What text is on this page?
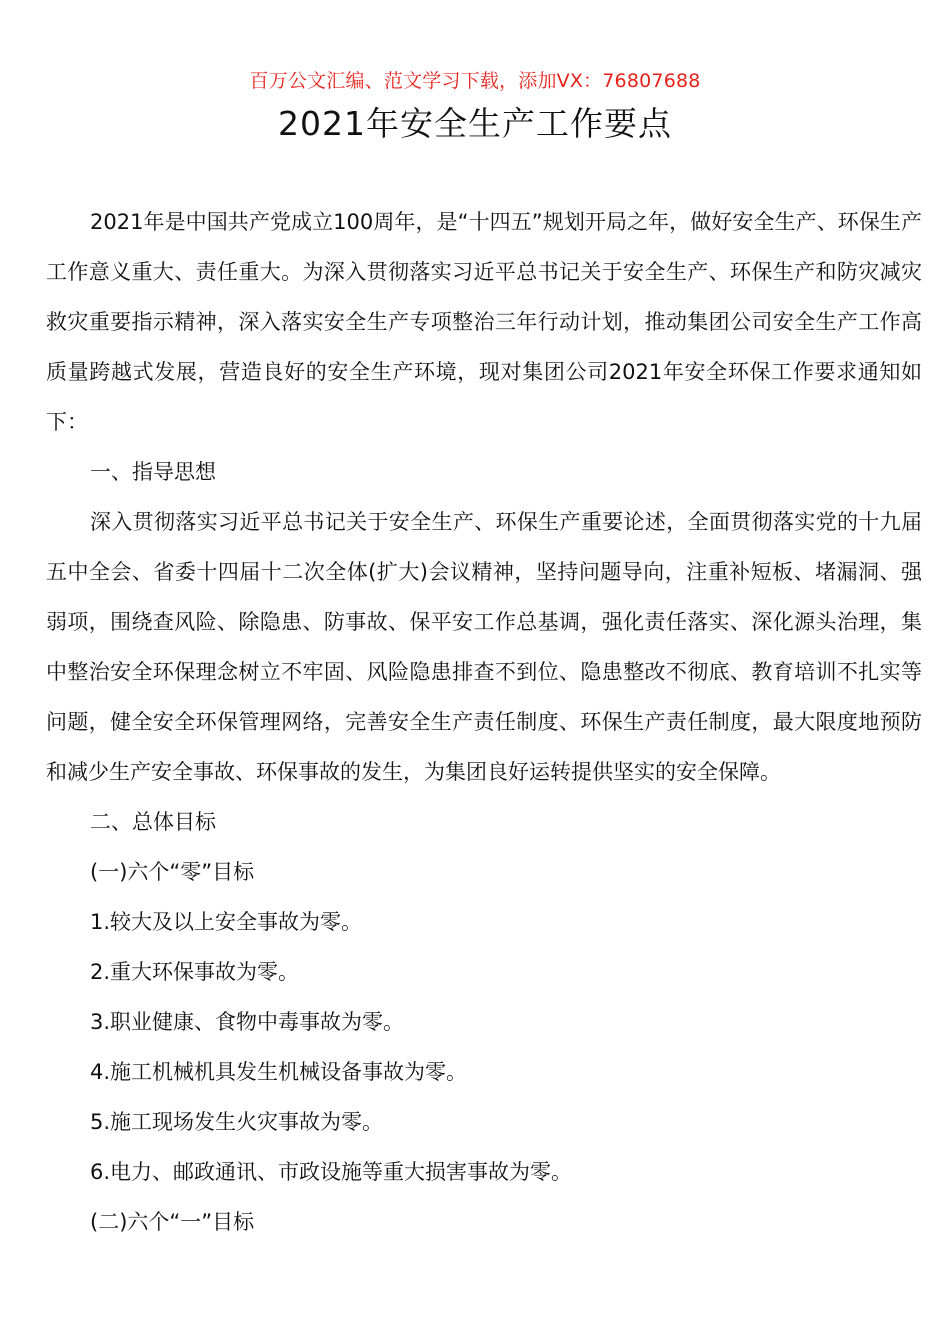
百万公文汇编、范文学习下载，添加VX：76807688
2021年安全生产工作要点

2021年是中国共产党成立100周年，是“十四五”规划开局之年，做好安全生产、环保生产工作意义重大、责任重大。为深入贯彻落实习近平总书记关于安全生产、环保生产和防灾减灾救灾重要指示精神，深入落实安全生产专项整治三年行动计划，推动集团公司安全生产工作高质量跨越式发展，营造良好的安全生产环境，现对集团公司2021年安全环保工作要求通知如下：

一、指导思想

深入贯彻落实习近平总书记关于安全生产、环保生产重要论述，全面贯彻落实党的十九届五中全会、省委十四届十二次全体(扩大)会议精神，坚持问题导向，注重补短板、堵漏洞、强弱项，围绕查风险、除隐患、防事故、保平安工作总基调，强化责任落实、深化源头治理，集中整治安全环保理念树立不牢固、风险隐患排查不到位、隐患整改不彻底、教育培训不扎实等问题，健全安全环保管理网络，完善安全生产责任制度、环保生产责任制度，最大限度地预防和减少生产安全事故、环保事故的发生，为集团良好运转提供坚实的安全保障。

二、总体目标

(一)六个“零”目标

1.较大及以上安全事故为零。

2.重大环保事故为零。

3.职业健康、食物中毒事故为零。

4.施工机械机具发生机械设备事故为零。

5.施工现场发生火灾事故为零。

6.电力、邮政通讯、市政设施等重大损害事故为零。

(二)六个“一”目标
